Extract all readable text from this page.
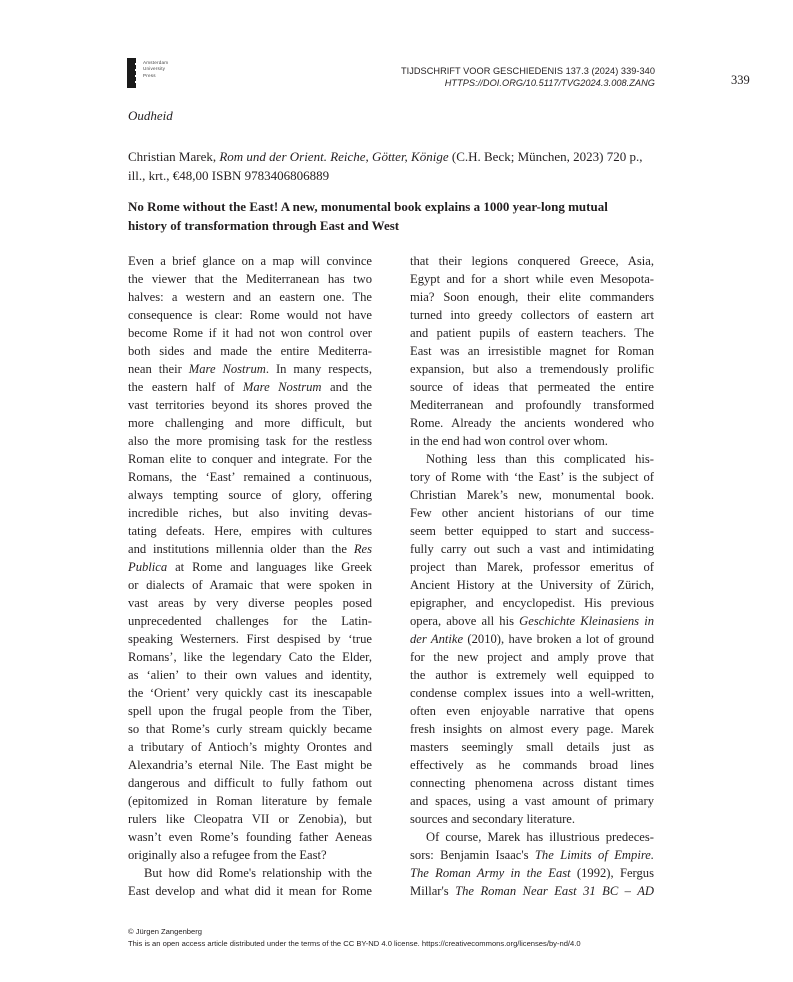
Amsterdam
University
Press	TIJDSCHRIFT VOOR GESCHIEDENIS 137.3 (2024) 339-340
HTTPS://DOI.ORG/10.5117/TVG2024.3.008.ZANG	339
Oudheid
Christian Marek, Rom und der Orient. Reiche, Götter, Könige (C.H. Beck; München, 2023) 720 p.,
ill., krt., €48,00 ISBN 9783406806889
No Rome without the East! A new, monumental book explains a 1000 year-long mutual
history of transformation through East and West
Even a brief glance on a map will convince
the viewer that the Mediterranean has two
halves: a western and an eastern one. The
consequence is clear: Rome would not have
become Rome if it had not won control over
both sides and made the entire Mediterra-
nean their Mare Nostrum. In many respects,
the eastern half of Mare Nostrum and the
vast territories beyond its shores proved the
more challenging and more difficult, but
also the more promising task for the restless
Roman elite to conquer and integrate. For the
Romans, the ‘East’ remained a continuous,
always tempting source of glory, offering
incredible riches, but also inviting devas-
tating defeats. Here, empires with cultures
and institutions millennia older than the Res
Publica at Rome and languages like Greek
or dialects of Aramaic that were spoken in
vast areas by very diverse peoples posed
unprecedented challenges for the Latin-
speaking Westerners. First despised by ‘true
Romans’, like the legendary Cato the Elder,
as ‘alien’ to their own values and identity,
the ‘Orient’ very quickly cast its inescapable
spell upon the frugal people from the Tiber,
so that Rome’s curly stream quickly became
a tributary of Antioch’s mighty Orontes and
Alexandria’s eternal Nile. The East might be
dangerous and difficult to fully fathom out
(epitomized in Roman literature by female
rulers like Cleopatra VII or Zenobia), but
wasn’t even Rome’s founding father Aeneas
originally also a refugee from the East?
But how did Rome's relationship with the
East develop and what did it mean for Rome
that their legions conquered Greece, Asia,
Egypt and for a short while even Mesopota-
mia? Soon enough, their elite commanders
turned into greedy collectors of eastern art
and patient pupils of eastern teachers. The
East was an irresistible magnet for Roman
expansion, but also a tremendously prolific
source of ideas that permeated the entire
Mediterranean and profoundly transformed
Rome. Already the ancients wondered who
in the end had won control over whom.
Nothing less than this complicated his-
tory of Rome with ‘the East’ is the subject of
Christian Marek’s new, monumental book.
Few other ancient historians of our time
seem better equipped to start and success-
fully carry out such a vast and intimidating
project than Marek, professor emeritus of
Ancient History at the University of Zürich,
epigrapher, and encyclopedist. His previous
opera, above all his Geschichte Kleinasiens in
der Antike (2010), have broken a lot of ground
for the new project and amply prove that
the author is extremely well equipped to
condense complex issues into a well-written,
often even enjoyable narrative that opens
fresh insights on almost every page. Marek
masters seemingly small details just as
effectively as he commands broad lines
connecting phenomena across distant times
and spaces, using a vast amount of primary
sources and secondary literature.
Of course, Marek has illustrious predeces-
sors: Benjamin Isaac's The Limits of Empire.
The Roman Army in the East (1992), Fergus
Millar's The Roman Near East 31 BC – AD
© Jürgen Zangenberg
This is an open access article distributed under the terms of the CC BY-ND 4.0 license. https://creativecommons.org/licenses/by-nd/4.0
